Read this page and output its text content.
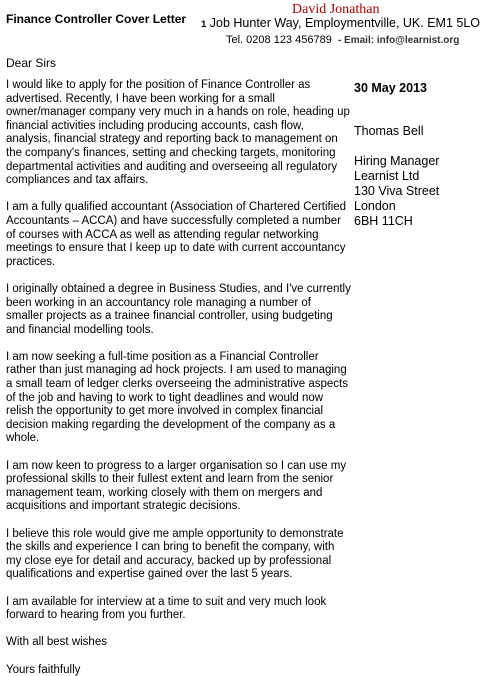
Finance Controller Cover Letter
David Jonathan
1 Job Hunter Way, Employmentville, UK. EM1 5LO
Tel. 0208 123 456789 - Email: info@learnist.org
Dear Sirs

I would like to apply for the position of Finance Controller as advertised. Recently, I have been working for a small owner/manager company very much in a hands on role, heading up financial activities including producing accounts, cash flow, analysis, financial strategy and reporting back to management on the company's finances, setting and checking targets, monitoring departmental activities and auditing and overseeing all regulatory compliances and tax affairs.

I am a fully qualified accountant (Association of Chartered Certified Accountants – ACCA) and have successfully completed a number of courses with ACCA as well as attending regular networking meetings to ensure that I keep up to date with current accountancy practices.

I originally obtained a degree in Business Studies, and I've currently been working in an accountancy role managing a number of smaller projects as a trainee financial controller, using budgeting and financial modelling tools.

I am now seeking a full-time position as a Financial Controller rather than just managing ad hock projects. I am used to managing a small team of ledger clerks overseeing the administrative aspects of the job and having to work to tight deadlines and would now relish the opportunity to get more involved in complex financial decision making regarding the development of the company as a whole.

I am now keen to progress to a larger organisation so I can use my professional skills to their fullest extent and learn from the senior management team, working closely with them on mergers and acquisitions and important strategic decisions.

I believe this role would give me ample opportunity to demonstrate the skills and experience I can bring to benefit the company, with my close eye for detail and accuracy, backed up by professional qualifications and expertise gained over the last 5 years.

I am available for interview at a time to suit and very much look forward to hearing from you further.

With all best wishes

Yours faithfully

30 May 2013
Thomas Bell
Hiring Manager
Learnist Ltd
130 Viva Street
London
6BH 11CH
